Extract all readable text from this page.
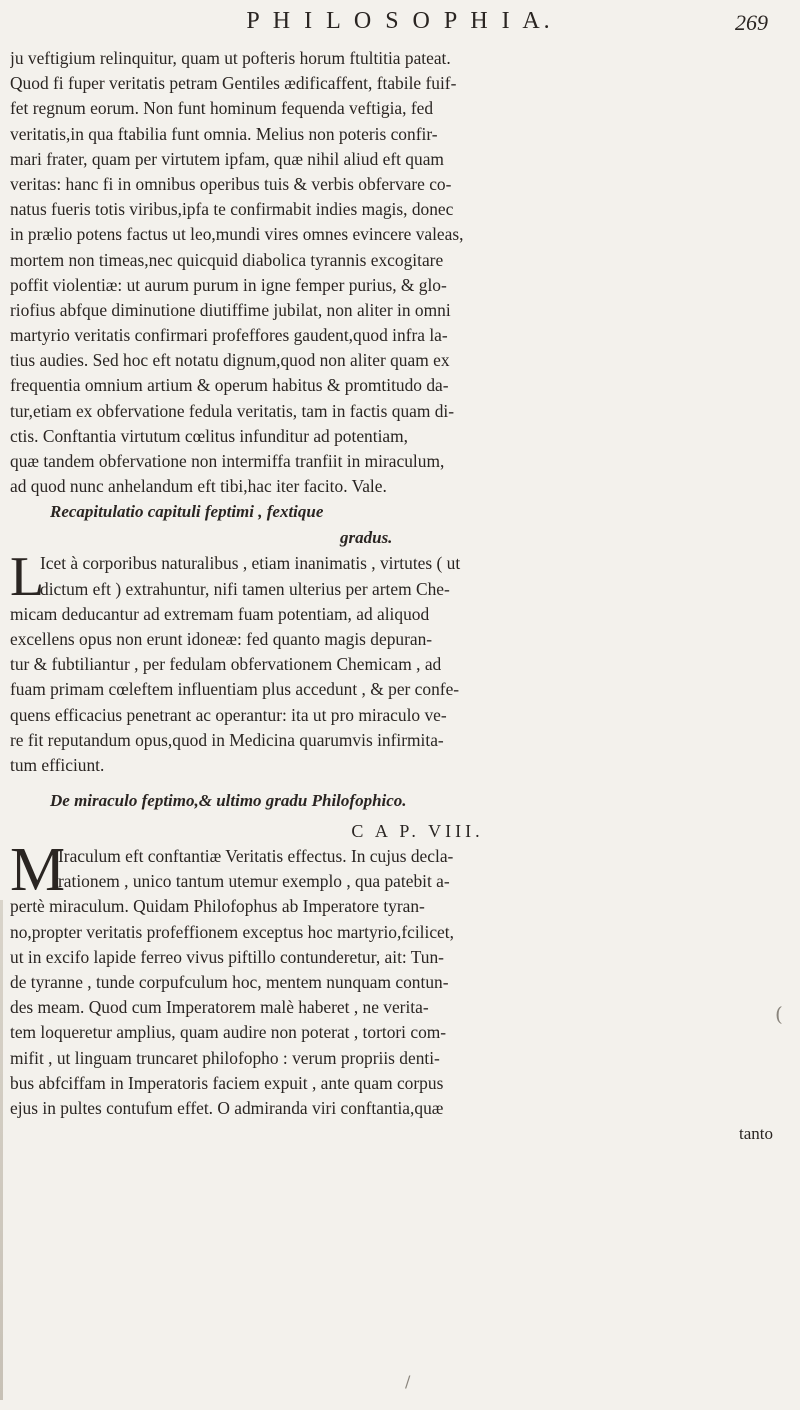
P H I L O S O P H I A.	269
ju veftigium relinquitur, quam ut pofteris horum ftultitia pateat.
Quod fi fuper veritatis petram Gentiles ædificaffent, ftabile fuif-
fet regnum eorum. Non funt hominum fequenda veftigia, fed
veritatis,in qua ftabilia funt omnia. Melius non poteris confir-
mari frater, quam per virtutem ipfam, quæ nihil aliud eft quam
veritas: hanc fi in omnibus operibus tuis & verbis obfervare co-
natus fueris totis viribus,ipfa te confirmabit indies magis, donec
in prælio potens factus ut leo,mundi vires omnes evincere valeas,
mortem non timeas,nec quicquid diabolica tyrannis excogitare
poffit violentiæ: ut aurum purum in igne femper purius, & glo-
riofius abfque diminutione diutiffime jubilat, non aliter in omni
martyrio veritatis confirmari profeffores gaudent,quod infra la-
tius audies. Sed hoc eft notatu dignum,quod non aliter quam ex
frequentia omnium artium & operum habitus & promtitudo da-
tur,etiam ex obfervatione fedula veritatis, tam in factis quam di-
ctis. Conftantia virtutum cœlitus infunditur ad potentiam,
quæ tandem obfervatione non intermiffa tranfiit in miraculum,
ad quod nunc anhelandum eft tibi,hac iter facito. Vale.
Recapitulatio capituli feptimi , fextique
gradus.
L
Icet à corporibus naturalibus , etiam inanimatis , virtutes ( ut
dictum eft ) extrahuntur, nifi tamen ulterius per artem Che-
micam deducantur ad extremam fuam potentiam, ad aliquod
excellens opus non erunt idoneæ: fed quanto magis depuran-
tur & fubtiliantur , per fedulam obfervationem Chemicam , ad
fuam primam cœleftem influentiam plus accedunt , & per confe-
quens efficacius penetrant ac operantur: ita ut pro miraculo ve-
re fit reputandum opus,quod in Medicina quarumvis infirmita-
tum efficiunt.
De miraculo feptimo,& ultimo gradu Philofophico.
C A P. VIII.
M
Iraculum eft conftantiæ Veritatis effectus. In cujus decla-
rationem , unico tantum utemur exemplo , qua patebit a-
pertè miraculum. Quidam Philofophus ab Imperatore tyran-
no,propter veritatis profeffionem exceptus hoc martyrio,fcilicet,
ut in excifo lapide ferreo vivus piftillo contunderetur, ait: Tun-
de tyranne , tunde corpufculum hoc, mentem nunquam contun-
des meam. Quod cum Imperatorem malè haberet , ne verita-
tem loqueretur amplius, quam audire non poterat , tortori com-
mifit , ut linguam truncaret philofopho : verum propriis denti-
bus abfciffam in Imperatoris faciem expuit , ante quam corpus
ejus in pultes contufum effet. O admiranda viri conftantia,quæ
tanto
(
/
